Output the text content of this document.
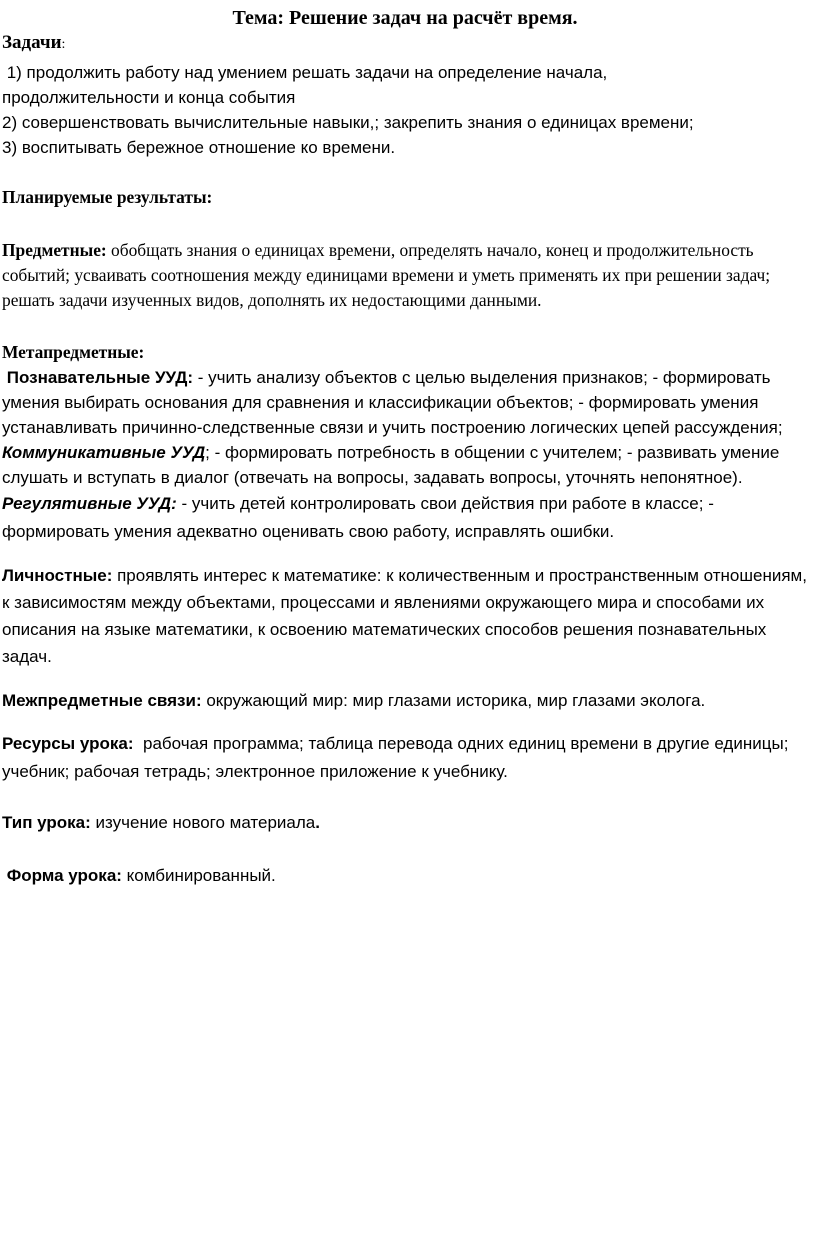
Тема: Решение задач на расчёт время.
Задачи:

1) продолжить работу над умением решать задачи на определение начала,

продолжительности и конца события

2) совершенствовать вычислительные навыки,; закрепить знания о единицах времени;

3) воспитывать бережное отношение ко времени.

Планируемые результаты:

Предметные: обобщать знания о единицах времени, определять начало, конец и продолжительность событий; усваивать соотношения между единицами времени и уметь применять их при решении задач; решать задачи изученных видов, дополнять их недостающими данными.

Метапредметные:

Познавательные УУД: - учить анализу объектов с целью выделения признаков; - формировать умения выбирать основания для сравнения и классификации объектов; - формировать умения устанавливать причинно-следственные связи и учить построению логических цепей рассуждения;

Коммуникативные УУД; - формировать потребность в общении с учителем; - развивать умение слушать и вступать в диалог (отвечать на вопросы, задавать вопросы, уточнять непонятное).

Регулятивные УУД: - учить детей контролировать свои действия при работе в классе; - формировать умения адекватно оценивать свою работу, исправлять ошибки.

Личностные: проявлять интерес к математике: к количественным и пространственным отношениям, к зависимостям между объектами, процессами и явлениями окружающего мира и способами их описания на языке математики, к освоению математических способов решения познавательных задач.

Межпредметные связи: окружающий мир: мир глазами историка, мир глазами эколога.

Ресурсы урока:  рабочая программа; таблица перевода одних единиц времени в другие единицы; учебник; рабочая тетрадь; электронное приложение к учебнику.

Тип урока: изучение нового материала.

Форма урока: комбинированный.
